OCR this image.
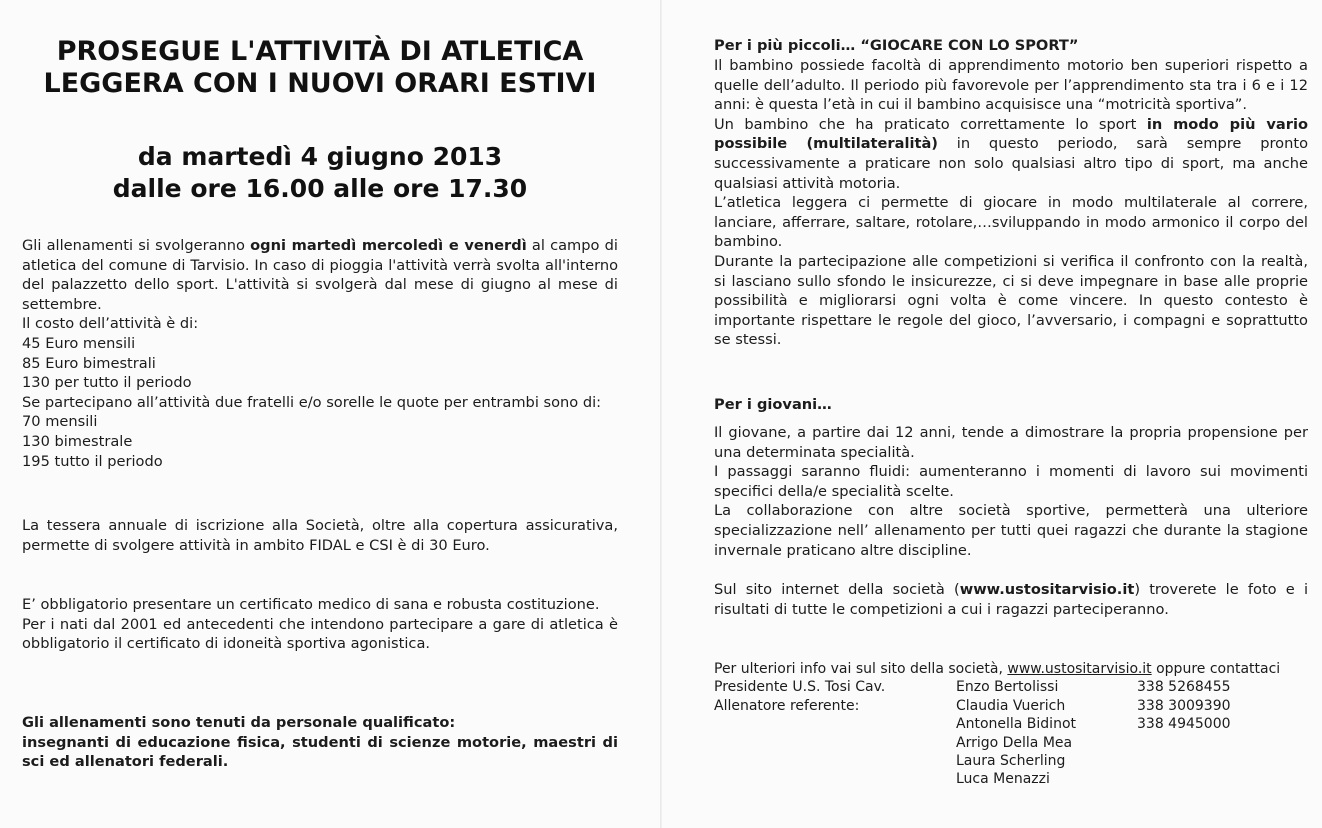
PROSEGUE L'ATTIVITÀ DI ATLETICA
LEGGERA CON I NUOVI ORARI ESTIVI
da martedì 4 giugno 2013
dalle ore 16.00 alle ore 17.30

Gli allenamenti si svolgeranno ogni martedì mercoledì e venerdì al campo di atletica del comune di Tarvisio. In caso di pioggia l'attività verrà svolta all'interno del palazzetto dello sport. L'attività si svolgerà dal mese di giugno al mese di settembre.

Il costo dell’attività è di:

45 Euro mensili

85 Euro bimestrali

130 per tutto il periodo

Se partecipano all’attività due fratelli e/o sorelle le quote per entrambi sono di:

70 mensili

130 bimestrale

195 tutto il periodo

La tessera annuale di iscrizione alla Società, oltre alla copertura assicurativa, permette di svolgere attività in ambito FIDAL e CSI è di 30 Euro.

E’ obbligatorio presentare un certificato medico di sana e robusta costituzione.

Per i nati dal 2001 ed antecedenti che intendono partecipare a gare di atletica è obbligatorio il certificato di idoneità sportiva agonistica.

Gli allenamenti sono tenuti da personale qualificato:

insegnanti di educazione fisica, studenti di scienze motorie, maestri di sci ed allenatori federali.

Per i più piccoli… “GIOCARE CON LO SPORT”

Il bambino possiede facoltà di apprendimento motorio ben superiori rispetto a quelle dell’adulto. Il periodo più favorevole per l’apprendimento sta tra i 6 e i 12 anni: è questa l’età in cui il bambino acquisisce una “motricità sportiva”.

Un bambino che ha praticato correttamente lo sport in modo più vario possibile (multilateralità) in questo periodo, sarà sempre pronto successivamente a praticare non solo qualsiasi altro tipo di sport, ma anche qualsiasi attività motoria.

L’atletica leggera ci permette di giocare in modo multilaterale al correre, lanciare, afferrare, saltare, rotolare,…sviluppando in modo armonico il corpo del bambino.

Durante la partecipazione alle competizioni si verifica il confronto con la realtà, si lasciano sullo sfondo le insicurezze, ci si deve impegnare in base alle proprie possibilità e migliorarsi ogni volta è come vincere. In questo contesto è importante rispettare le regole del gioco, l’avversario, i compagni e soprattutto se stessi.

Per i giovani…

Il giovane, a partire dai 12 anni, tende a dimostrare la propria propensione per una determinata specialità.

I passaggi saranno fluidi: aumenteranno i momenti di lavoro sui movimenti specifici della/e specialità scelte.

La collaborazione con altre società sportive, permetterà una ulteriore specializzazione nell’ allenamento per tutti quei ragazzi che durante la stagione invernale praticano altre discipline.

Sul sito internet della società (www.ustositarvisio.it) troverete le foto e i risultati di tutte le competizioni a cui i ragazzi parteciperanno.

Per ulteriori info vai sul sito della società, www.ustositarvisio.it oppure contattaci

Presidente U.S. Tosi Cav.
Allenatore referente:
Enzo Bertolissi
Claudia Vuerich
Antonella Bidinot
Arrigo Della Mea
Laura Scherling
Luca Menazzi
338 5268455
338 3009390
338 4945000
